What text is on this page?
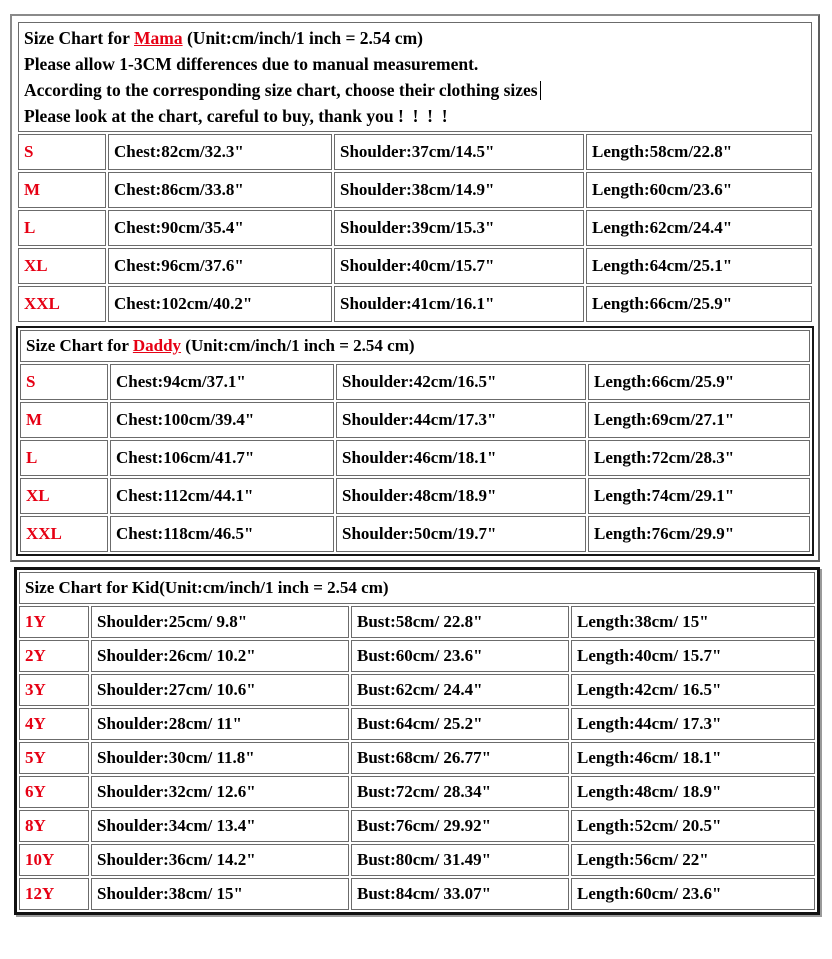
Size Chart for Mama (Unit:cm/inch/1 inch = 2.54 cm)
Please allow 1-3CM differences due to manual measurement.
According to the corresponding size chart, choose their clothing sizes
Please look at the chart, careful to buy, thank you !  !  !  !			

S	Chest:82cm/32.3"	Shoulder:37cm/14.5"	Length:58cm/22.8"
M	Chest:86cm/33.8"	Shoulder:38cm/14.9"	Length:60cm/23.6"
L	Chest:90cm/35.4"	Shoulder:39cm/15.3"	Length:62cm/24.4"
XL	Chest:96cm/37.6"	Shoulder:40cm/15.7"	Length:64cm/25.1"
XXL	Chest:102cm/40.2"	Shoulder:41cm/16.1"	Length:66cm/25.9"
Size Chart for Daddy (Unit:cm/inch/1 inch = 2.54 cm)			
S	Chest:94cm/37.1"	Shoulder:42cm/16.5"	Length:66cm/25.9"
M	Chest:100cm/39.4"	Shoulder:44cm/17.3"	Length:69cm/27.1"
L	Chest:106cm/41.7"	Shoulder:46cm/18.1"	Length:72cm/28.3"
XL	Chest:112cm/44.1"	Shoulder:48cm/18.9"	Length:74cm/29.1"
XXL	Chest:118cm/46.5"	Shoulder:50cm/19.7"	Length:76cm/29.9"
Size Chart for Kid(Unit:cm/inch/1 inch = 2.54 cm)			
1Y	Shoulder:25cm/ 9.8"	Bust:58cm/ 22.8"	Length:38cm/ 15"
2Y	Shoulder:26cm/ 10.2"	Bust:60cm/ 23.6"	Length:40cm/ 15.7"
3Y	Shoulder:27cm/ 10.6"	Bust:62cm/ 24.4"	Length:42cm/ 16.5"
4Y	Shoulder:28cm/ 11"	Bust:64cm/ 25.2"	Length:44cm/ 17.3"
5Y	Shoulder:30cm/ 11.8"	Bust:68cm/ 26.77"	Length:46cm/ 18.1"
6Y	Shoulder:32cm/ 12.6"	Bust:72cm/ 28.34"	Length:48cm/ 18.9"
8Y	Shoulder:34cm/ 13.4"	Bust:76cm/ 29.92"	Length:52cm/ 20.5"
10Y	Shoulder:36cm/ 14.2"	Bust:80cm/ 31.49"	Length:56cm/ 22"
12Y	Shoulder:38cm/ 15"	Bust:84cm/ 33.07"	Length:60cm/ 23.6"
